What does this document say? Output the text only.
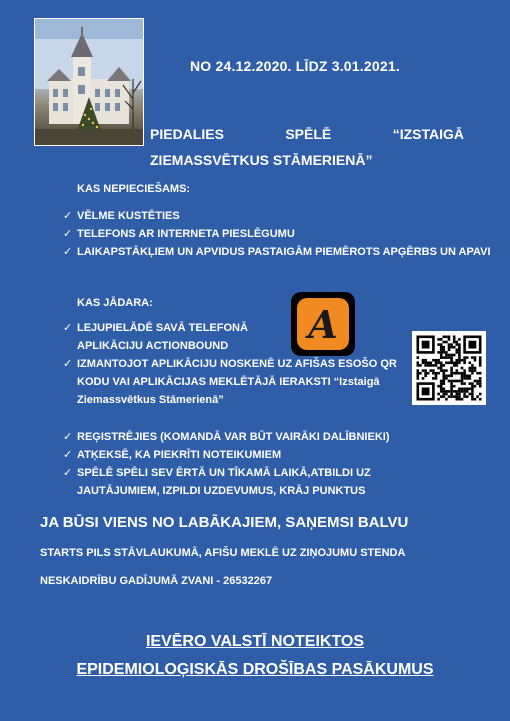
NO 24.12.2020. LĪDZ 3.01.2021.
PIEDALIES	SPĒLĒ	“IZSTAIGĀ
ZIEMASSVĒTKUS STĀMERIENĀ”
KAS NEPIECIEŠAMS:
✓ VĒLME KUSTĒTIES
✓ TELEFONS AR INTERNETA PIESLĒGUMU
✓ LAIKAPSTĀKĻIEM UN APVIDUS PASTAIGĀM PIEMĒROTS APĢĒRBS UN APAVI
KAS JĀDARA:
✓ LEJUPIELĀDĒ SAVĀ TELEFONĀ APLIKĀCIJU ACTIONBOUND
✓ IZMANTOJOT APLIKĀCIJU NOSKENĒ UZ AFIŠAS ESOŠO QR KODU VAI APLIKĀCIJAS MEKLĒTĀJĀ IERAKSTI “Izstaigā Ziemassvētkus Stāmerienā”
✓ REĢISTRĒJIES (KOMANDĀ VAR BŪT VAIRĀKI DALĪBNIEKI)
✓ ATĶEKSĒ, KA PIEKRĪTI NOTEIKUMIEM
✓ SPĒLĒ SPĒLI SEV ĒRTĀ UN TĪKAMĀ LAIKĀ,ATBILDI UZ JAUTĀJUMIEM, IZPILDI UZDEVUMUS, KRĀJ PUNKTUS
A
JA BŪSI VIENS NO LABĀKAJIEM, SAŅEMSI BALVU
STARTS PILS STĀVLAUKUMĀ, AFIŠU MEKLĒ UZ ZIŅOJUMU STENDA
NESKAIDRĪBU GADĪJUMĀ ZVANI - 26532267
IEVĒRO VALSTĪ NOTEIKTOS
EPIDEMIOLOĢISKĀS DROŠĪBAS PASĀKUMUS
